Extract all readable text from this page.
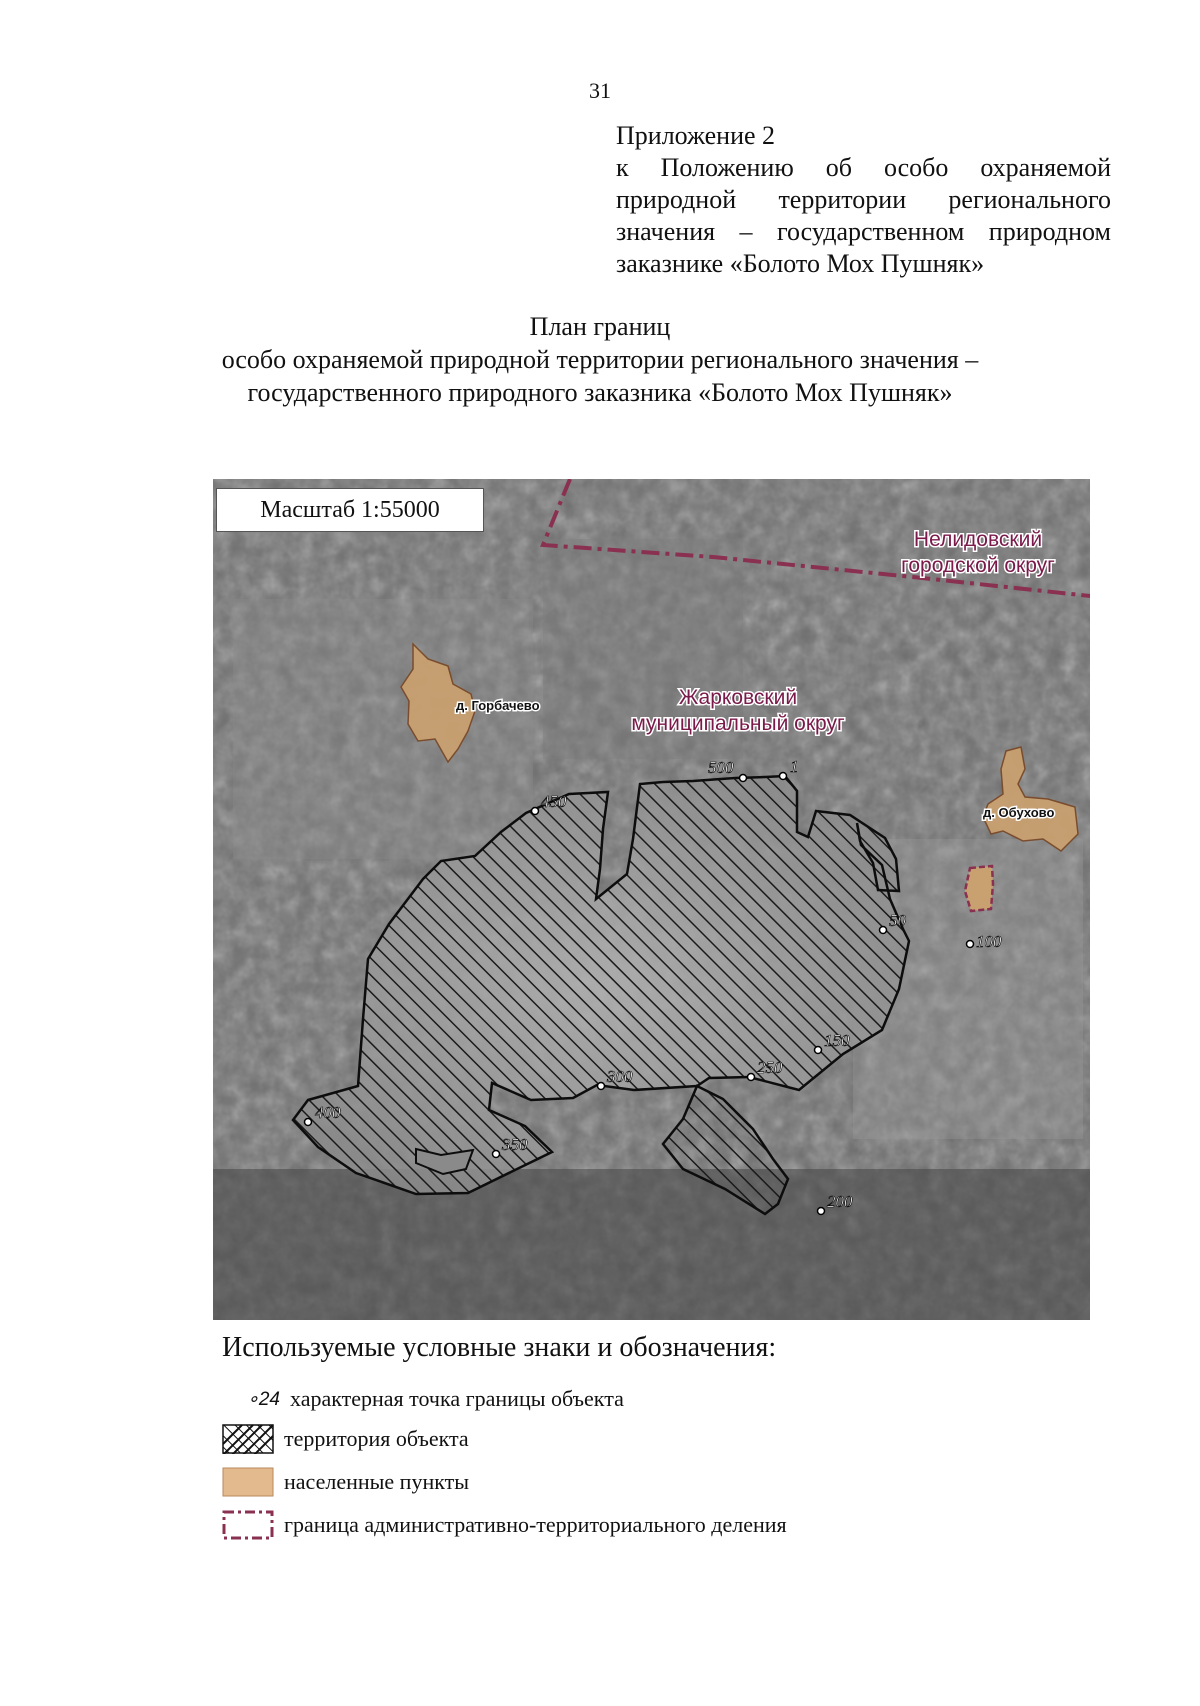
31
Приложение 2
к Положению об особо охраняемой природной территории регионального значения – государственном природном заказнике «Болото Мох Пушняк»
План границ
особо охраняемой природной территории регионального значения –
государственного природного заказника «Болото Мох Пушняк»
1
500
450
50
100
150
250
300
400
350
200
Нелидовский
городской округ
Жарковский
муниципальный округ
д. Горбачево
д. Обухово
Масштаб 1:55000
Используемые условные знаки и обозначения:
∘24 характерная точка границы объекта
территория объекта
населенные пункты
граница административно-территориального деления
